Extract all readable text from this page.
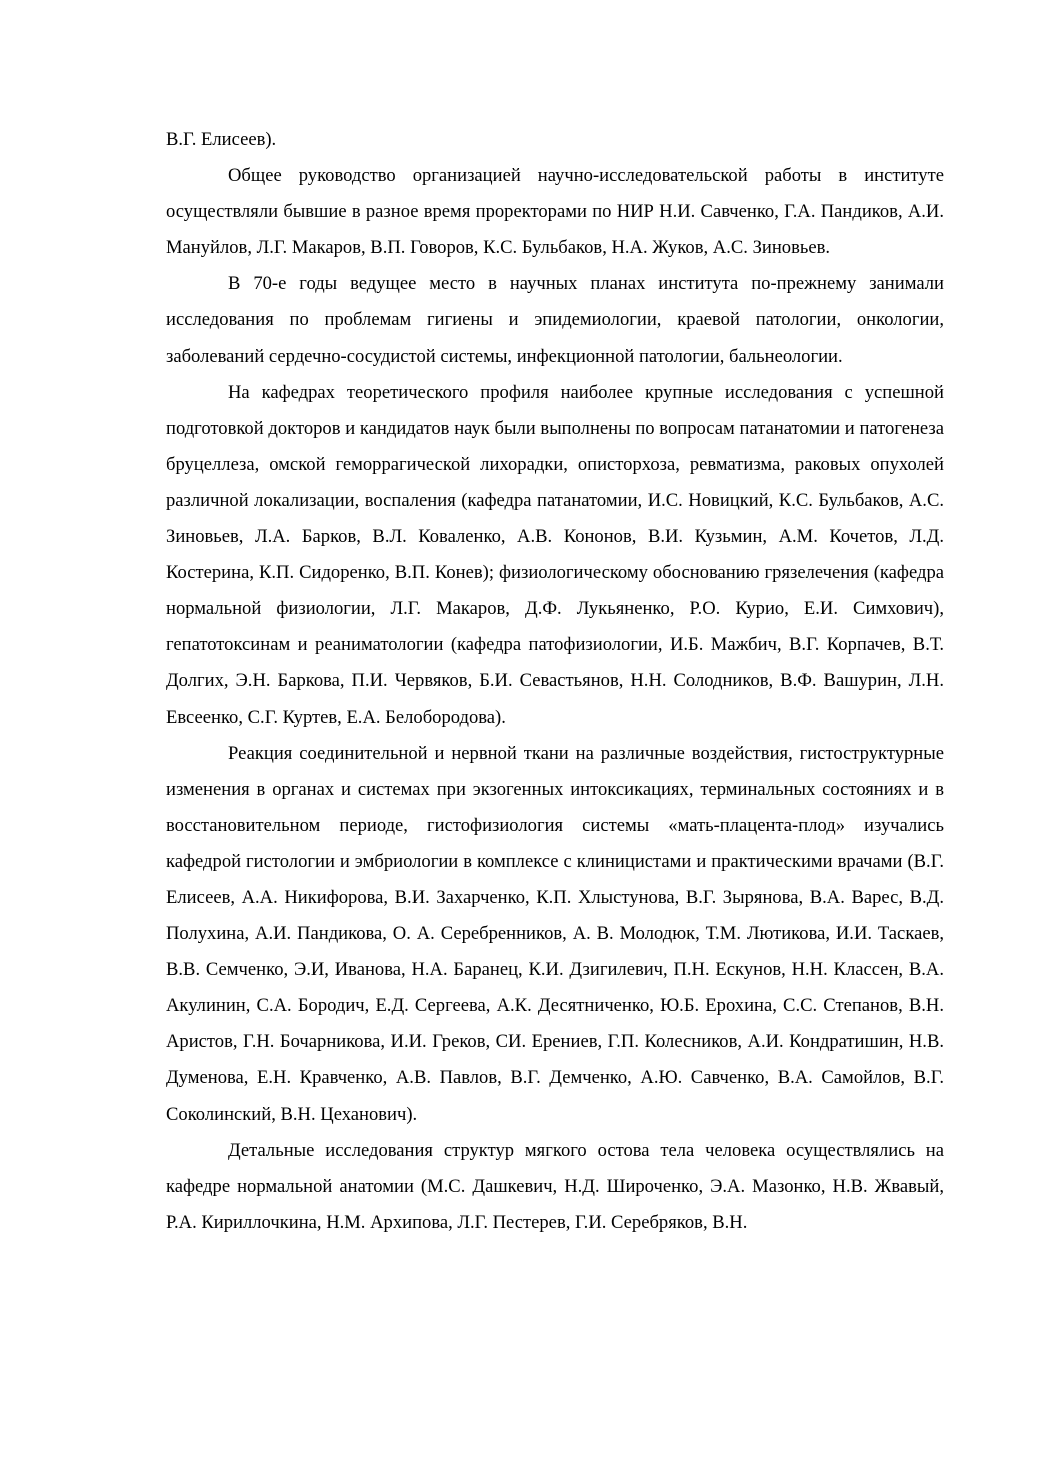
В.Г. Елисеев).

Общее руководство организацией научно-исследовательской работы в институте осуществляли бывшие в разное время проректорами по НИР Н.И. Савченко, Г.А. Пандиков, А.И. Мануйлов, Л.Г. Макаров, В.П. Говоров, К.С. Бульбаков, Н.А. Жуков, А.С. Зиновьев.

В 70-е годы ведущее место в научных планах института по-прежнему занимали исследования по проблемам гигиены и эпидемиологии, краевой патологии, онкологии, заболеваний сердечно-сосудистой системы, инфекционной патологии, бальнеологии.

На кафедрах теоретического профиля наиболее крупные исследования с успешной подготовкой докторов и кандидатов наук были выполнены по вопросам патанатомии и патогенеза бруцеллеза, омской геморрагической лихорадки, описторхоза, ревматизма, раковых опухолей различной локализации, воспаления (кафедра патанатомии, И.С. Новицкий, К.С. Бульбаков, А.С. Зиновьев, Л.А. Барков, В.Л. Коваленко, А.В. Кононов, В.И. Кузьмин, А.М. Кочетов, Л.Д. Костерина, К.П. Сидоренко, В.П. Конев); физиологическому обоснованию грязелечения (кафедра нормальной физиологии, Л.Г. Макаров, Д.Ф. Лукьяненко, Р.О. Курио, Е.И. Симхович), гепатотоксинам и реаниматологии (кафедра патофизиологии, И.Б. Мажбич, В.Г. Корпачев, В.Т. Долгих, Э.Н. Баркова, П.И. Червяков, Б.И. Севастьянов, Н.Н. Солодников, В.Ф. Вашурин, Л.Н. Евсеенко, С.Г. Куртев, Е.А. Белобородова).

Реакция соединительной и нервной ткани на различные воздействия, гистоструктурные изменения в органах и системах при экзогенных интоксикациях, терминальных состояниях и в восстановительном периоде, гистофизиология системы «мать-плацента-плод» изучались кафедрой гистологии и эмбриологии в комплексе с клиницистами и практическими врачами (В.Г. Елисеев, А.А. Никифорова, В.И. Захарченко, К.П. Хлыстунова, В.Г. Зырянова, В.А. Варес, В.Д. Полухина, А.И. Пандикова, О. А. Серебренников, А. В. Молодюк, Т.М. Лютикова, И.И. Таскаев, В.В. Семченко, Э.И, Иванова, Н.А. Баранец, К.И. Дзигилевич, П.Н. Ескунов, Н.Н. Классен, В.А. Акулинин, С.А. Бородич, Е.Д. Сергеева, А.К. Десятниченко, Ю.Б. Ерохина, С.С. Степанов, В.Н. Аристов, Г.Н. Бочарникова, И.И. Греков, СИ. Ерениев, Г.П. Колесников, А.И. Кондратишин, Н.В. Думенова, Е.Н. Кравченко, А.В. Павлов, В.Г. Демченко, А.Ю. Савченко, В.А. Самойлов, В.Г. Соколинский, В.Н. Цеханович).

Детальные исследования структур мягкого остова тела человека осуществлялись на кафедре нормальной анатомии (М.С. Дашкевич, Н.Д. Широченко, Э.А. Мазонко, Н.В. Жвавый, Р.А. Кириллочкина, Н.М. Архипова, Л.Г. Пестерев, Г.И. Серебряков, В.Н.
